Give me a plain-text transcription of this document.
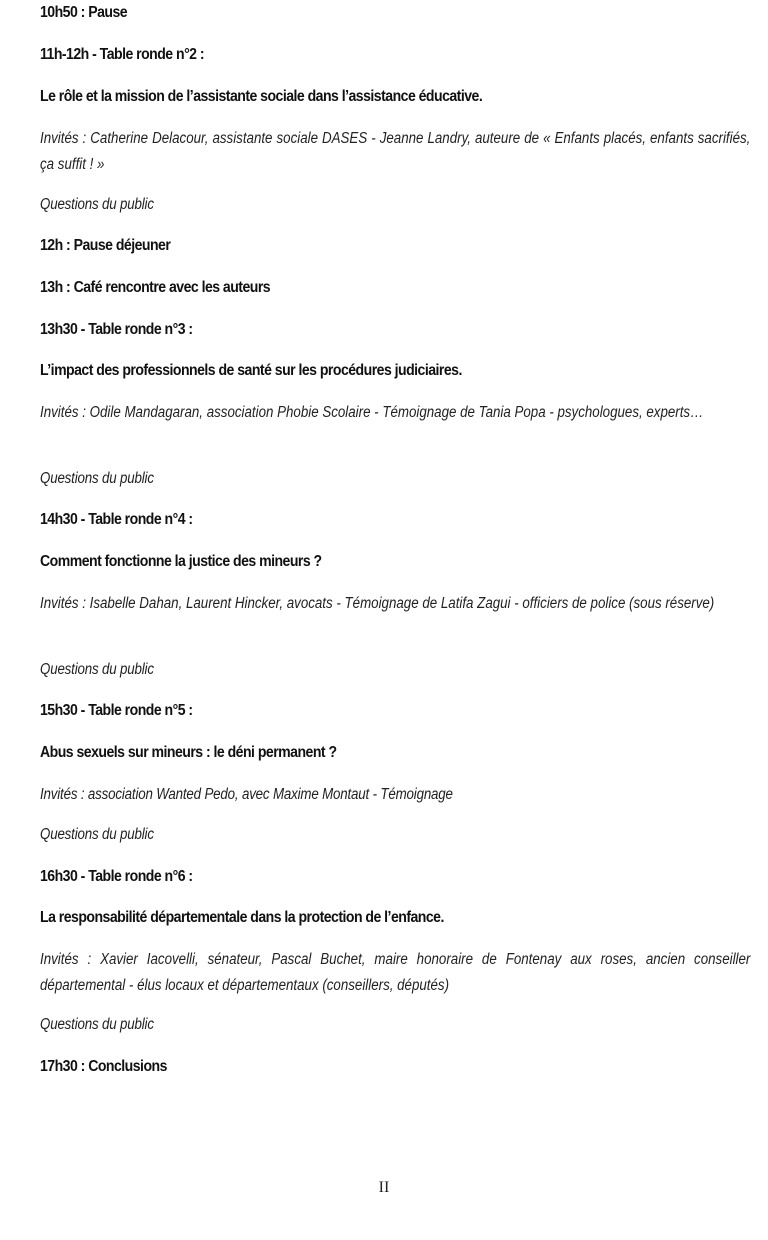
10h50 : Pause
11h-12h - Table ronde n°2 :
Le rôle et la mission de l’assistante sociale dans l’assistance éducative.
Invités : Catherine Delacour, assistante sociale DASES - Jeanne Landry, auteure de « Enfants placés, enfants sacrifiés, ça suffit ! »
Questions du public
12h : Pause déjeuner
13h : Café rencontre avec les auteurs
13h30 - Table ronde n°3 :
L’impact des professionnels de santé sur les procédures judiciaires.
Invités : Odile Mandagaran, association Phobie Scolaire - Témoignage de Tania Popa - psychologues, experts…
Questions du public
14h30 - Table ronde n°4 :
Comment fonctionne la justice des mineurs ?
Invités : Isabelle Dahan, Laurent Hincker, avocats - Témoignage de Latifa Zagui - officiers de police (sous réserve)
Questions du public
15h30 - Table ronde n°5 :
Abus sexuels sur mineurs : le déni permanent ?
Invités : association Wanted Pedo, avec Maxime Montaut - Témoignage
Questions du public
16h30 - Table ronde n°6 :
La responsabilité départementale dans la protection de l’enfance.
Invités : Xavier Iacovelli, sénateur, Pascal Buchet, maire honoraire de Fontenay aux roses, ancien conseiller départemental - élus locaux et départementaux (conseillers, députés)
Questions du public
17h30 : Conclusions
II
